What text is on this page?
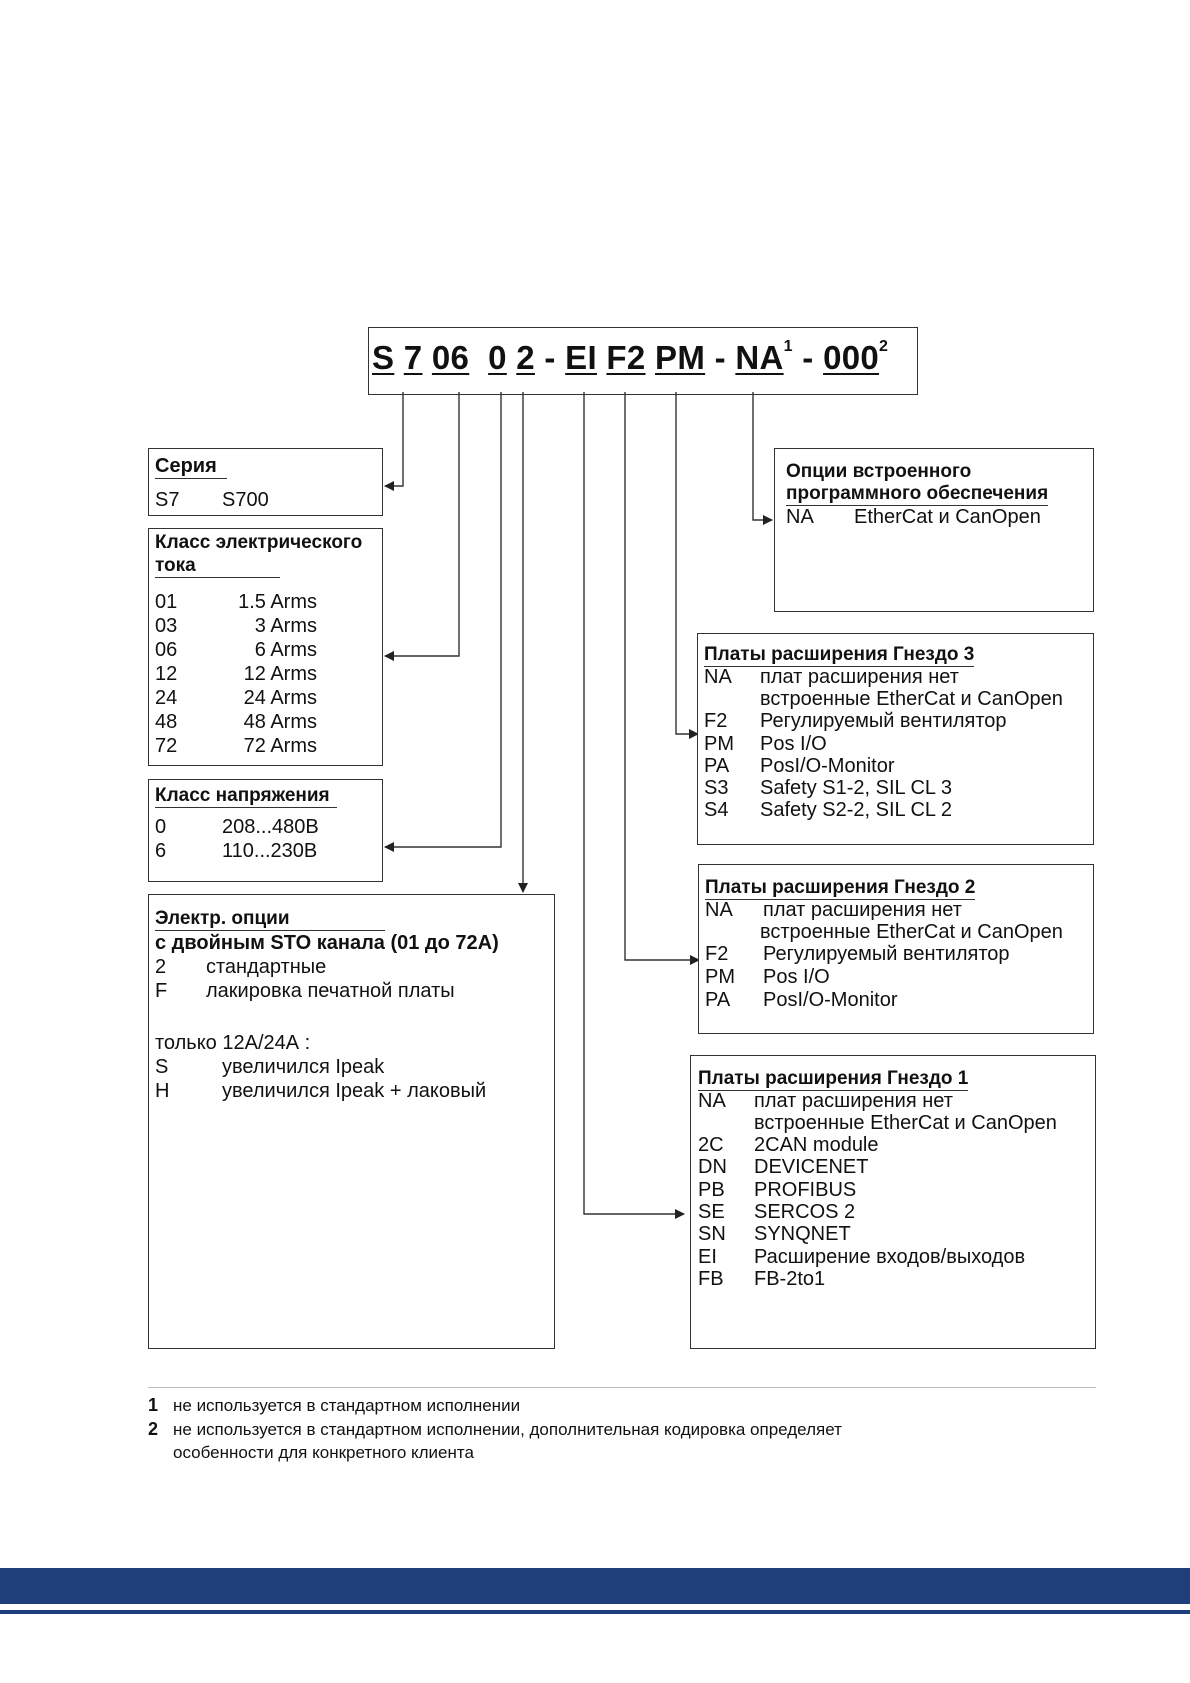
S 7 06 0 2 - EI F2 PM - $NA^1 - 000^2$
Серия
S7 S700
Класс электрического
тока
01	1.5 Arms
03	3 Arms
06	6 Arms
12	12 Arms
24	24 Arms
48	48 Arms
72	72 Arms
Класс напряжения
0	208...480В
6	110...230В
Электр. опции
с двойным STO канала (01 до 72А)
2 стандартные
F лакировка печатной платы
только 12А/24А :
S	увеличился Ipeak
H	увеличился Ipeak + лаковый
Опции встроенного
программного обеспечения
NA EtherCat и CanOpen
Платы расширения Гнездо 3
NA плат расширения нет
встроенные EtherCat и CanOpen
F2 Регулируемый вентилятор
PM Pos I/O
PA PosI/O-Monitor
S3 Safety S1-2, SIL CL 3
S4 Safety S2-2, SIL CL 2
Платы расширения Гнездо 2
NA плат расширения нет
встроенные EtherCat и CanOpen
F2 Регулируемый вентилятор
PM Pos I/O
PA PosI/O-Monitor
Платы расширения Гнездо 1
NA плат расширения нет
встроенные EtherCat и CanOpen
2C 2CAN module
DN DEVICENET
PB PROFIBUS
SE SERCOS 2
SN SYNQNET
EI Расширение входов/выходов
FB FB-2to1
1 не используется в стандартном исполнении
2 не используется в стандартном исполнении, дополнительная кодировка определяет
особенности для конкретного клиента
